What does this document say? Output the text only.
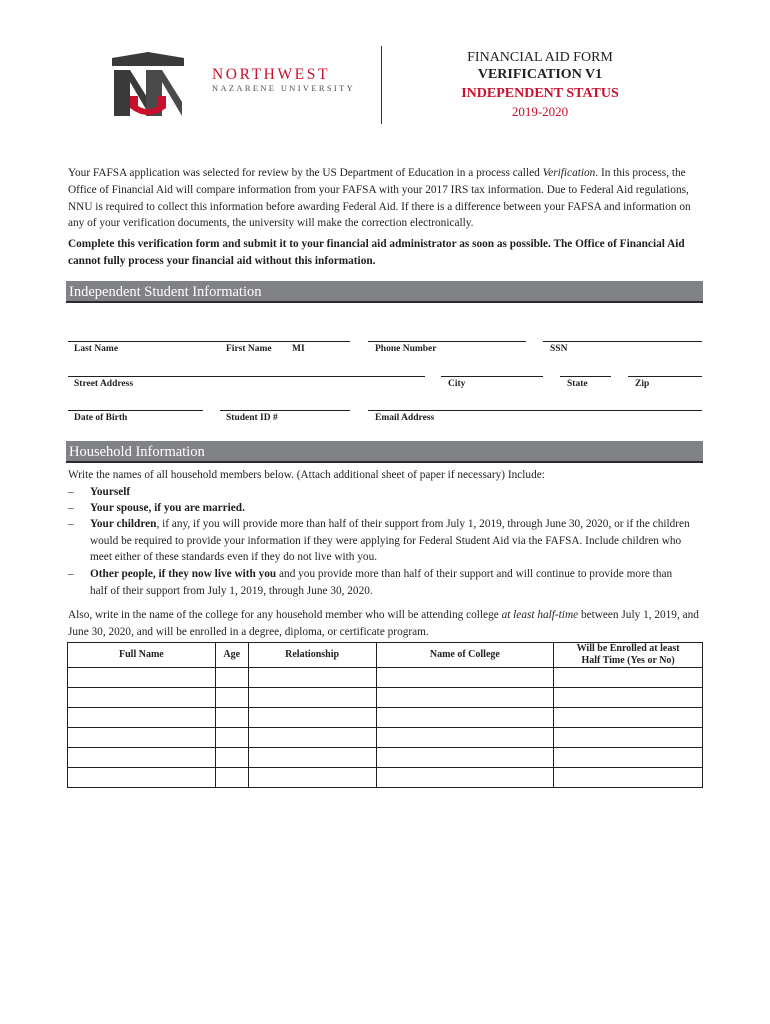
NORTHWEST
NAZARENE UNIVERSITY
FINANCIAL AID FORM
VERIFICATION V1
INDEPENDENT STATUS
2019-2020
Your FAFSA application was selected for review by the US Department of Education in a process called Verification. In this process, the Office of Financial Aid will compare information from your FAFSA with your 2017 IRS tax information. Due to Federal Aid regulations, NNU is required to collect this information before awarding Federal Aid. If there is a difference between your FAFSA and information on any of your verification documents, the university will make the correction electronically.
Complete this verification form and submit it to your financial aid administrator as soon as possible. The Office of Financial Aid cannot fully process your financial aid without this information.
Independent Student Information
Last Name	First Name MI	Phone Number	SSN
Street Address	City	State	Zip
Date of Birth	Student ID #	Email Address
Household Information
Write the names of all household members below. (Attach additional sheet of paper if necessary) Include:
– Yourself
– Your spouse, if you are married.
– Your children, if any, if you will provide more than half of their support from July 1, 2019, through June 30, 2020, or if the children would be required to provide your information if they were applying for Federal Student Aid via the FAFSA. Include children who meet either of these standards even if they do not live with you.
– Other people, if they now live with you and you provide more than half of their support and will continue to provide more than half of their support from July 1, 2019, through June 30, 2020.
Also, write in the name of the college for any household member who will be attending college at least half-time between July 1, 2019, and June 30, 2020, and will be enrolled in a degree, diploma, or certificate program.
Full Name	Age	Relationship	Name of College	Will be Enrolled at least
Half Time (Yes or No)
